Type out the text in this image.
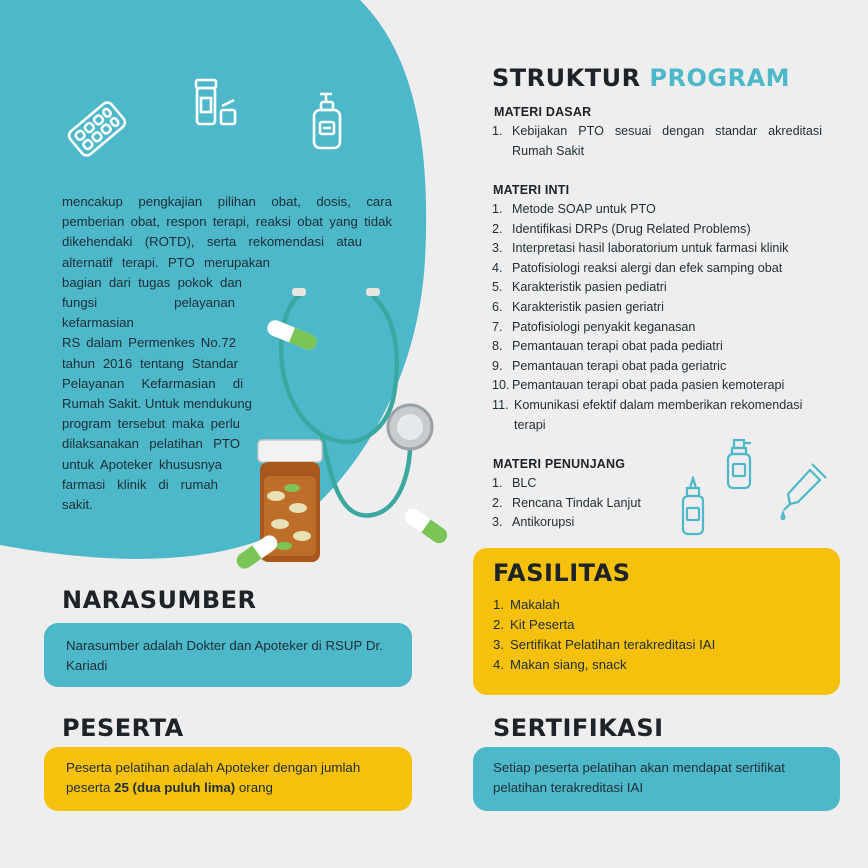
mencakup pengkajian pilihan obat, dosis, cara
pemberian obat, respon terapi, reaksi obat yang tidak
dikehendaki (ROTD), serta rekomendasi atau
alternatif terapi. PTO merupakan
bagian dari tugas pokok dan
fungsi pelayanan kefarmasian
RS dalam Permenkes No.72
tahun 2016 tentang Standar
Pelayanan Kefarmasian di
Rumah Sakit. Untuk mendukung
program tersebut maka perlu
dilaksanakan pelatihan PTO
untuk Apoteker khususnya
farmasi klinik di rumah
sakit.
STRUKTUR PROGRAM
MATERI DASAR
1. Kebijakan PTO sesuai dengan standar akreditasi Rumah Sakit
MATERI INTI
1. Metode SOAP untuk PTO
2. Identifikasi DRPs (Drug Related Problems)
3. Interpretasi hasil laboratorium untuk farmasi klinik
4. Patofisiologi reaksi alergi dan efek samping obat
5. Karakteristik pasien pediatri
6. Karakteristik pasien geriatri
7. Patofisiologi penyakit keganasan
8. Pemantauan terapi obat pada pediatri
9. Pemantauan terapi obat pada geriatric
10. Pemantauan terapi obat pada pasien kemoterapi
11. Komunikasi efektif dalam memberikan rekomendasi terapi
MATERI PENUNJANG
1. BLC
2. Rencana Tindak Lanjut
3. Antikorupsi
NARASUMBER
Narasumber adalah Dokter dan Apoteker di RSUP Dr. Kariadi
PESERTA
Peserta pelatihan adalah Apoteker dengan jumlah peserta 25 (dua puluh lima) orang
FASILITAS
1. Makalah
2. Kit Peserta
3. Sertifikat Pelatihan terakreditasi IAI
4. Makan siang, snack
SERTIFIKASI
Setiap peserta pelatihan akan mendapat sertifikat pelatihan terakreditasi IAI
